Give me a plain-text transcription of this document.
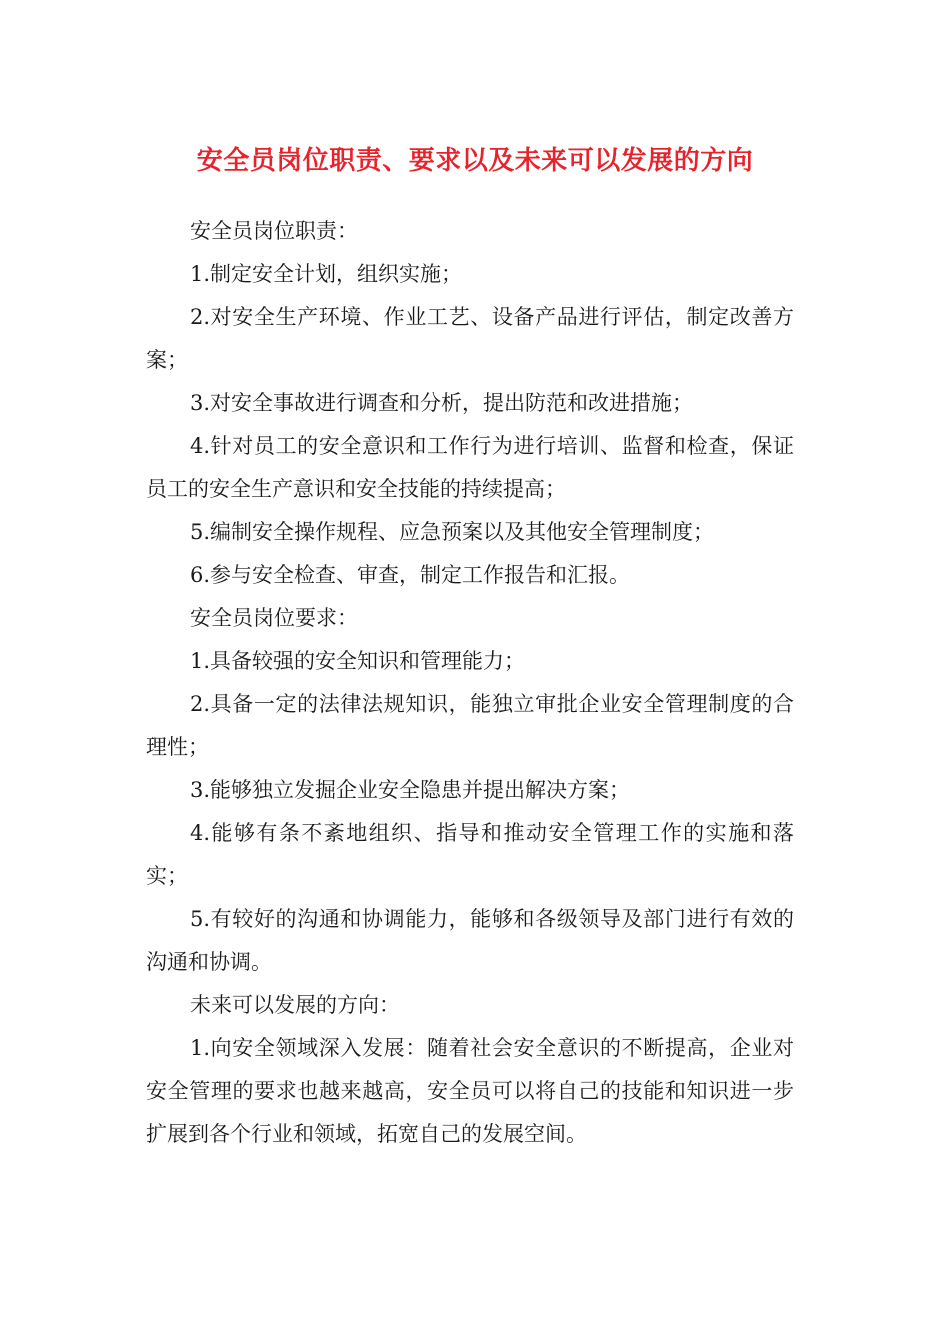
安全员岗位职责、要求以及未来可以发展的方向

安全员岗位职责：

1.制定安全计划，组织实施；

2.对安全生产环境、作业工艺、设备产品进行评估，制定改善方案；

3.对安全事故进行调查和分析，提出防范和改进措施；

4.针对员工的安全意识和工作行为进行培训、监督和检查，保证员工的安全生产意识和安全技能的持续提高；

5.编制安全操作规程、应急预案以及其他安全管理制度；

6.参与安全检查、审查，制定工作报告和汇报。

安全员岗位要求：

1.具备较强的安全知识和管理能力；

2.具备一定的法律法规知识，能独立审批企业安全管理制度的合理性；

3.能够独立发掘企业安全隐患并提出解决方案；

4.能够有条不紊地组织、指导和推动安全管理工作的实施和落实；

5.有较好的沟通和协调能力，能够和各级领导及部门进行有效的沟通和协调。

未来可以发展的方向：

1.向安全领域深入发展：随着社会安全意识的不断提高，企业对安全管理的要求也越来越高，安全员可以将自己的技能和知识进一步扩展到各个行业和领域，拓宽自己的发展空间。
